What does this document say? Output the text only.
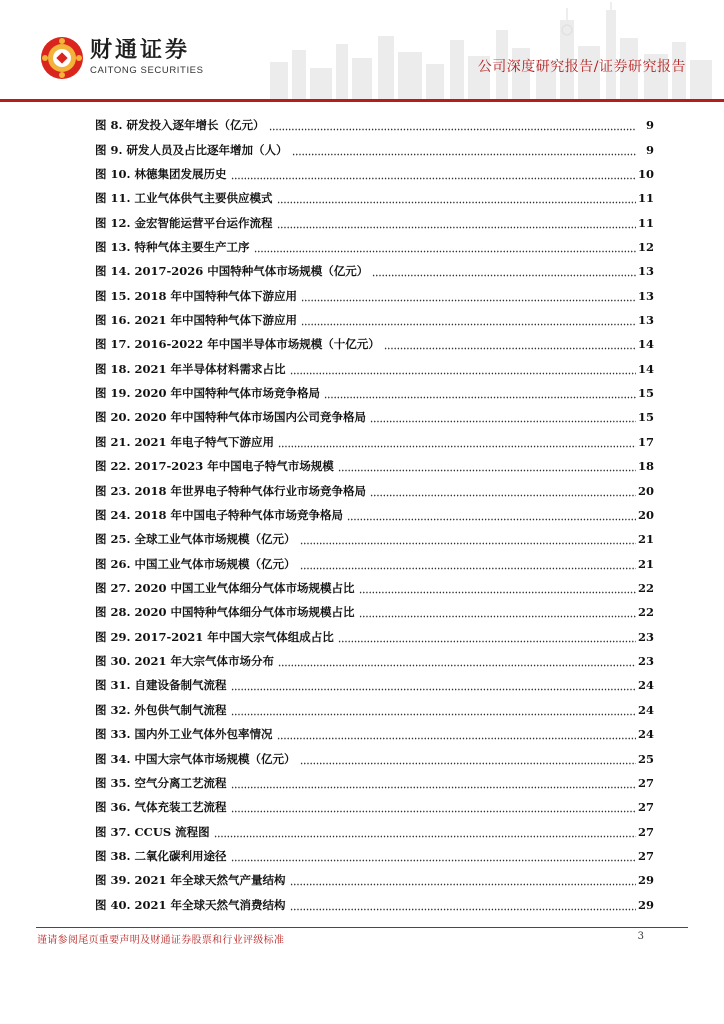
财通证券
CAITONG SECURITIES	公司深度研究报告/证券研究报告
图 8. 研发投入逐年增长（亿元）	9
图 9. 研发人员及占比逐年增加（人）	9
图 10. 林德集团发展历史	10
图 11. 工业气体供气主要供应模式	11
图 12. 金宏智能运营平台运作流程	11
图 13. 特种气体主要生产工序	12
图 14. 2017-2026 中国特种气体市场规模（亿元）	13
图 15. 2018 年中国特种气体下游应用	13
图 16. 2021 年中国特种气体下游应用	13
图 17. 2016-2022 年中国半导体市场规模（十亿元）	14
图 18. 2021 年半导体材料需求占比	14
图 19. 2020 年中国特种气体市场竞争格局	15
图 20. 2020 年中国特种气体市场国内公司竞争格局	15
图 21. 2021 年电子特气下游应用	17
图 22. 2017-2023 年中国电子特气市场规模	18
图 23. 2018 年世界电子特种气体行业市场竞争格局	20
图 24. 2018 年中国电子特种气体市场竞争格局	20
图 25. 全球工业气体市场规模（亿元）	21
图 26. 中国工业气体市场规模（亿元）	21
图 27. 2020 中国工业气体细分气体市场规模占比	22
图 28. 2020 中国特种气体细分气体市场规模占比	22
图 29. 2017-2021 年中国大宗气体组成占比	23
图 30. 2021 年大宗气体市场分布	23
图 31. 自建设备制气流程	24
图 32. 外包供气制气流程	24
图 33. 国内外工业气体外包率情况	24
图 34. 中国大宗气体市场规模（亿元）	25
图 35. 空气分离工艺流程	27
图 36. 气体充装工艺流程	27
图 37. CCUS 流程图	27
图 38. 二氧化碳利用途径	27
图 39. 2021 年全球天然气产量结构	29
图 40. 2021 年全球天然气消费结构	29
谨请参阅尾页重要声明及财通证券股票和行业评级标准	3
